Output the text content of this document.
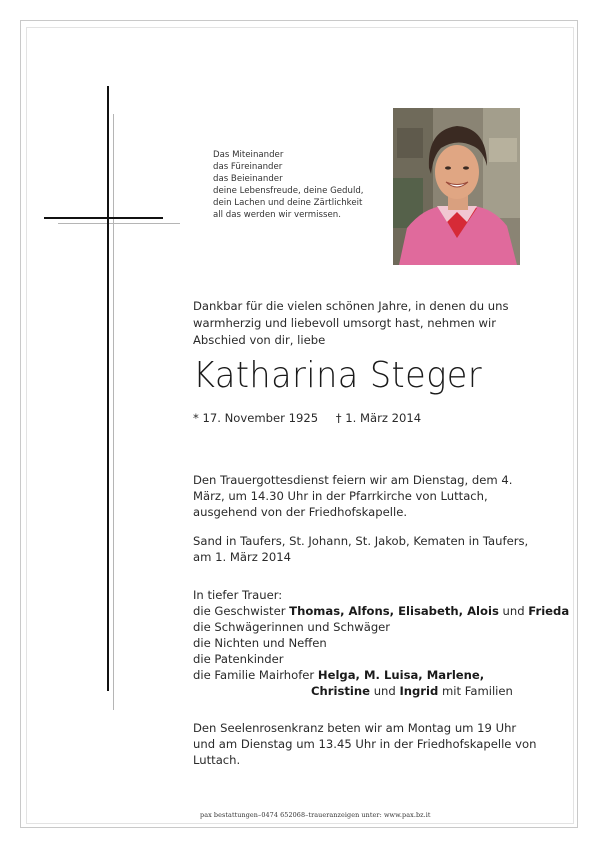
Das Miteinander
das Füreinander
das Beieinander
deine Lebensfreude, deine Geduld,
dein Lachen und deine Zärtlichkeit
all das werden wir vermissen.
Dankbar für die vielen schönen Jahre, in denen du uns warmherzig und liebevoll umsorgt hast, nehmen wir Abschied von dir, liebe
Katharina Steger
* 17. November 1925 † 1. März 2014
Den Trauergottesdienst feiern wir am Dienstag, dem 4. März, um 14.30 Uhr in der Pfarrkirche von Luttach, ausgehend von der Friedhofskapelle.
Sand in Taufers, St. Johann, St. Jakob, Kematen in Taufers, am 1. März 2014
In tiefer Trauer:
die Geschwister Thomas, Alfons, Elisabeth, Alois und Frieda
die Schwägerinnen und Schwäger
die Nichten und Neffen
die Patenkinder
die Familie Mairhofer Helga, M. Luisa, Marlene,
Christine und Ingrid mit Familien
Den Seelenrosenkranz beten wir am Montag um 19 Uhr und am Dienstag um 13.45 Uhr in der Friedhofskapelle von Luttach.
pax bestattungen–0474 652068–traueranzeigen unter: www.pax.bz.it
